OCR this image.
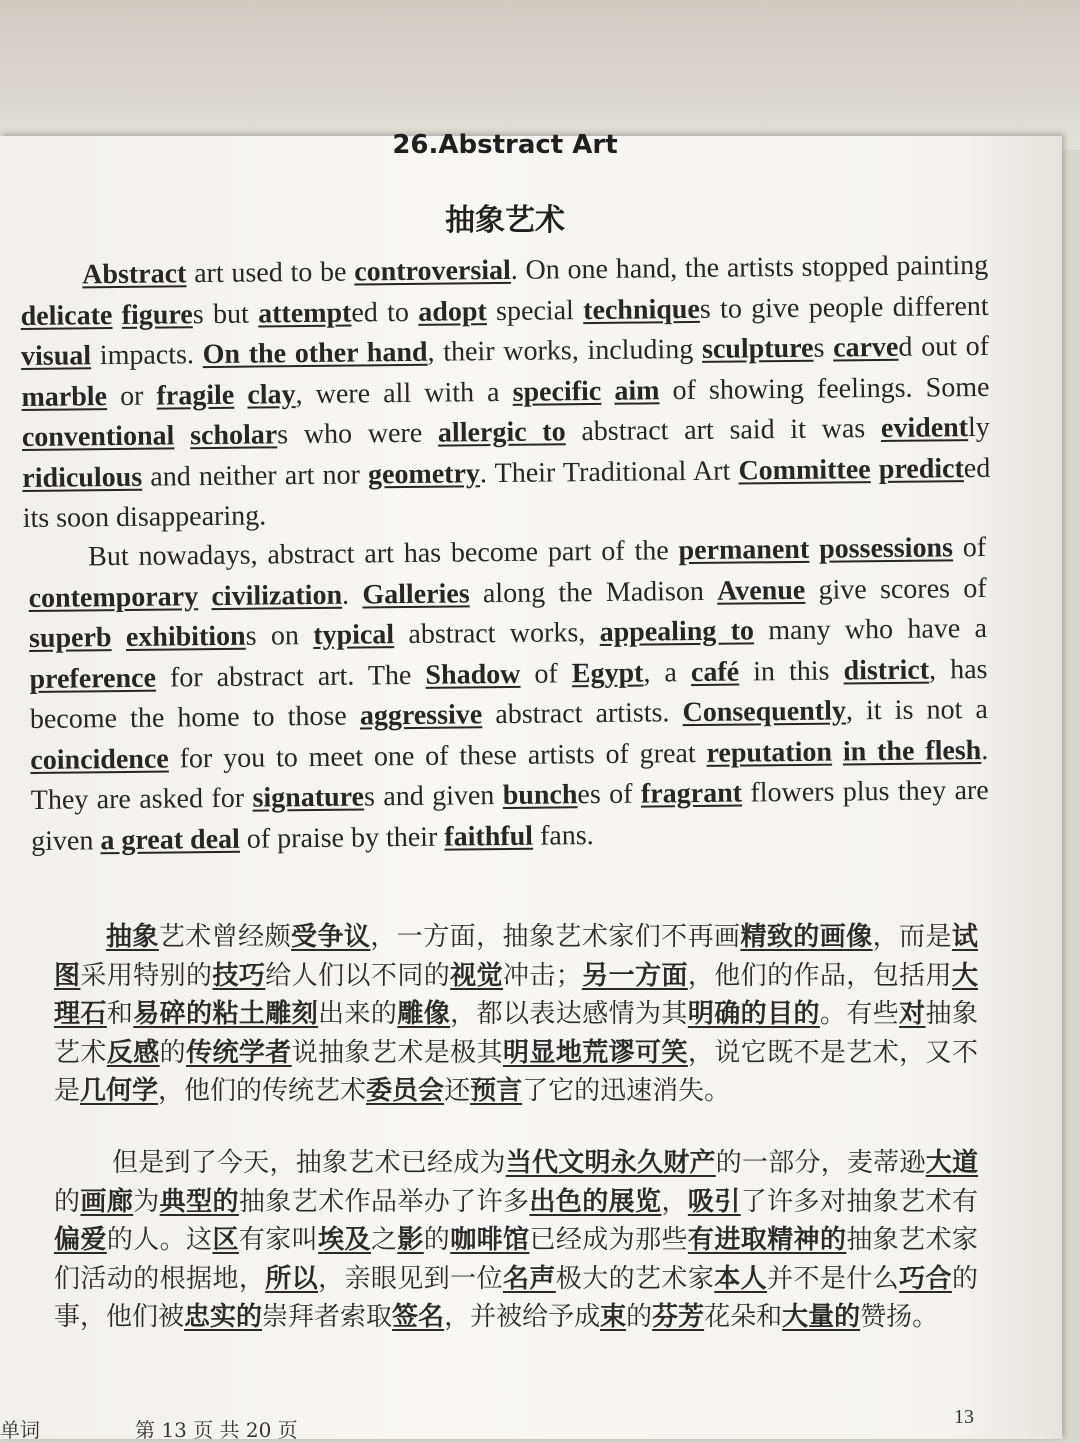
26.Abstract Art
抽象艺术
Abstract art used to be controversial. On one hand, the artists stopped painting delicate figures but attempted to adopt special techniques to give people different visual impacts. On the other hand, their works, including sculptures carved out of marble or fragile clay, were all with a specific aim of showing feelings. Some conventional scholars who were allergic to abstract art said it was evidently ridiculous and neither art nor geometry. Their Traditional Art Committee predicted its soon disappearing.
But nowadays, abstract art has become part of the permanent possessions of contemporary civilization. Galleries along the Madison Avenue give scores of superb exhibitions on typical abstract works, appealing to many who have a preference for abstract art. The Shadow of Egypt, a café in this district, has become the home to those aggressive abstract artists. Consequently, it is not a coincidence for you to meet one of these artists of great reputation in the flesh. They are asked for signatures and given bunches of fragrant flowers plus they are given a great deal of praise by their faithful fans.
抽象艺术曾经颇受争议，一方面，抽象艺术家们不再画精致的画像，而是试图采用特别的技巧给人们以不同的视觉冲击；另一方面，他们的作品，包括用大理石和易碎的粘土雕刻出来的雕像，都以表达感情为其明确的目的。有些对抽象艺术反感的传统学者说抽象艺术是极其明显地荒谬可笑，说它既不是艺术，又不是几何学，他们的传统艺术委员会还预言了它的迅速消失。
但是到了今天，抽象艺术已经成为当代文明永久财产的一部分，麦蒂逊大道的画廊为典型的抽象艺术作品举办了许多出色的展览，吸引了许多对抽象艺术有偏爱的人。这区有家叫埃及之影的咖啡馆已经成为那些有进取精神的抽象艺术家们活动的根据地，所以，亲眼见到一位名声极大的艺术家本人并不是什么巧合的事，他们被忠实的崇拜者索取签名，并被给予成束的芬芳花朵和大量的赞扬。
单词	第 13 页 共 20 页
13
